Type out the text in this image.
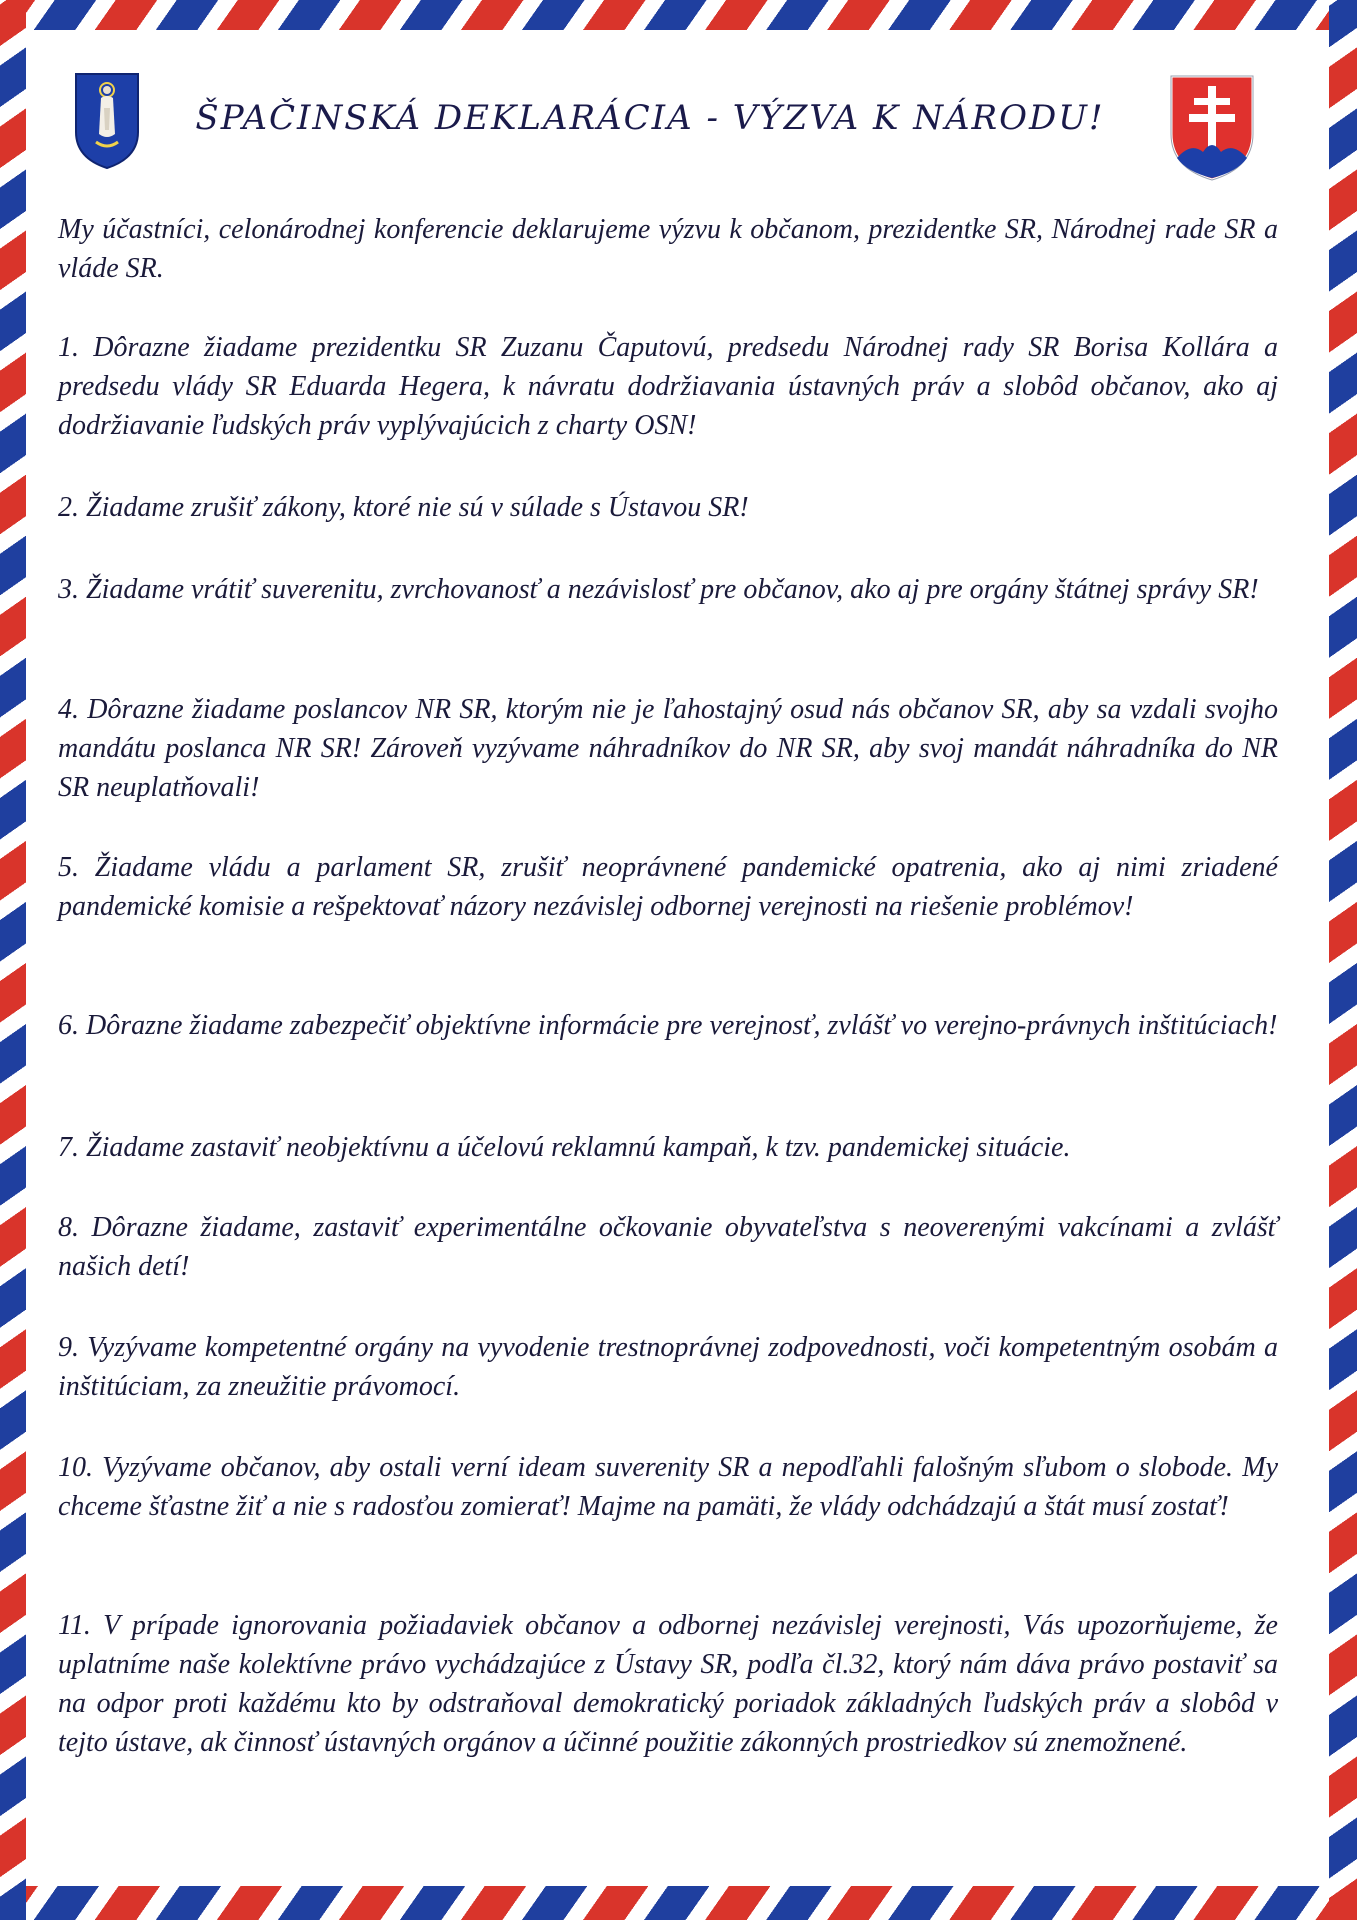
ŠPAČINSKÁ DEKLARÁCIA - VÝZVA K NÁRODU!

My účastníci, celonárodnej konferencie deklarujeme výzvu k občanom, prezidentke SR, Národnej rade SR a vláde SR.

1. Dôrazne žiadame prezidentku SR Zuzanu Čaputovú, predsedu Národnej rady SR Borisa Kollára a predsedu vlády SR Eduarda Hegera, k návratu dodržiavania ústavných práv a slobôd občanov, ako aj dodržiavanie ľudských práv vyplývajúcich z charty OSN!

2. Žiadame zrušiť zákony, ktoré nie sú v súlade s Ústavou SR!

3. Žiadame vrátiť suverenitu, zvrchovanosť a nezávislosť pre občanov, ako aj pre orgány štátnej správy SR!

4. Dôrazne žiadame poslancov NR SR, ktorým nie je ľahostajný osud nás občanov SR, aby sa vzdali svojho mandátu poslanca NR SR! Zároveň vyzývame náhradníkov do NR SR, aby svoj mandát náhradníka do NR SR neuplatňovali!

5. Žiadame vládu a parlament SR, zrušiť neoprávnené pandemické opatrenia, ako aj nimi zriadené pandemické komisie a rešpektovať názory nezávislej odbornej verejnosti na riešenie problémov!

6. Dôrazne žiadame zabezpečiť objektívne informácie pre verejnosť, zvlášť vo verejno-právnych inštitúciach!

7. Žiadame zastaviť neobjektívnu a účelovú reklamnú kampaň, k tzv. pandemickej situácie.

8. Dôrazne žiadame, zastaviť experimentálne očkovanie obyvateľstva s neoverenými vakcínami a zvlášť našich detí!

9. Vyzývame kompetentné orgány na vyvodenie trestnoprávnej zodpovednosti, voči kompetentným osobám a inštitúciam, za zneužitie právomocí.

10. Vyzývame občanov, aby ostali verní ideam suverenity SR a nepodľahli falošným sľubom o slobode. My chceme šťastne žiť a nie s radosťou zomierať! Majme na pamäti, že vlády odchádzajú a štát musí zostať!

11. V prípade ignorovania požiadaviek občanov a odbornej nezávislej verejnosti, Vás upozorňujeme, že uplatníme naše kolektívne právo vychádzajúce z Ústavy SR, podľa čl.32, ktorý nám dáva právo postaviť sa na odpor proti každému kto by odstraňoval demokratický poriadok základných ľudských práv a slobôd v tejto ústave, ak činnosť ústavných orgánov a účinné použitie zákonných prostriedkov sú znemožnené.
